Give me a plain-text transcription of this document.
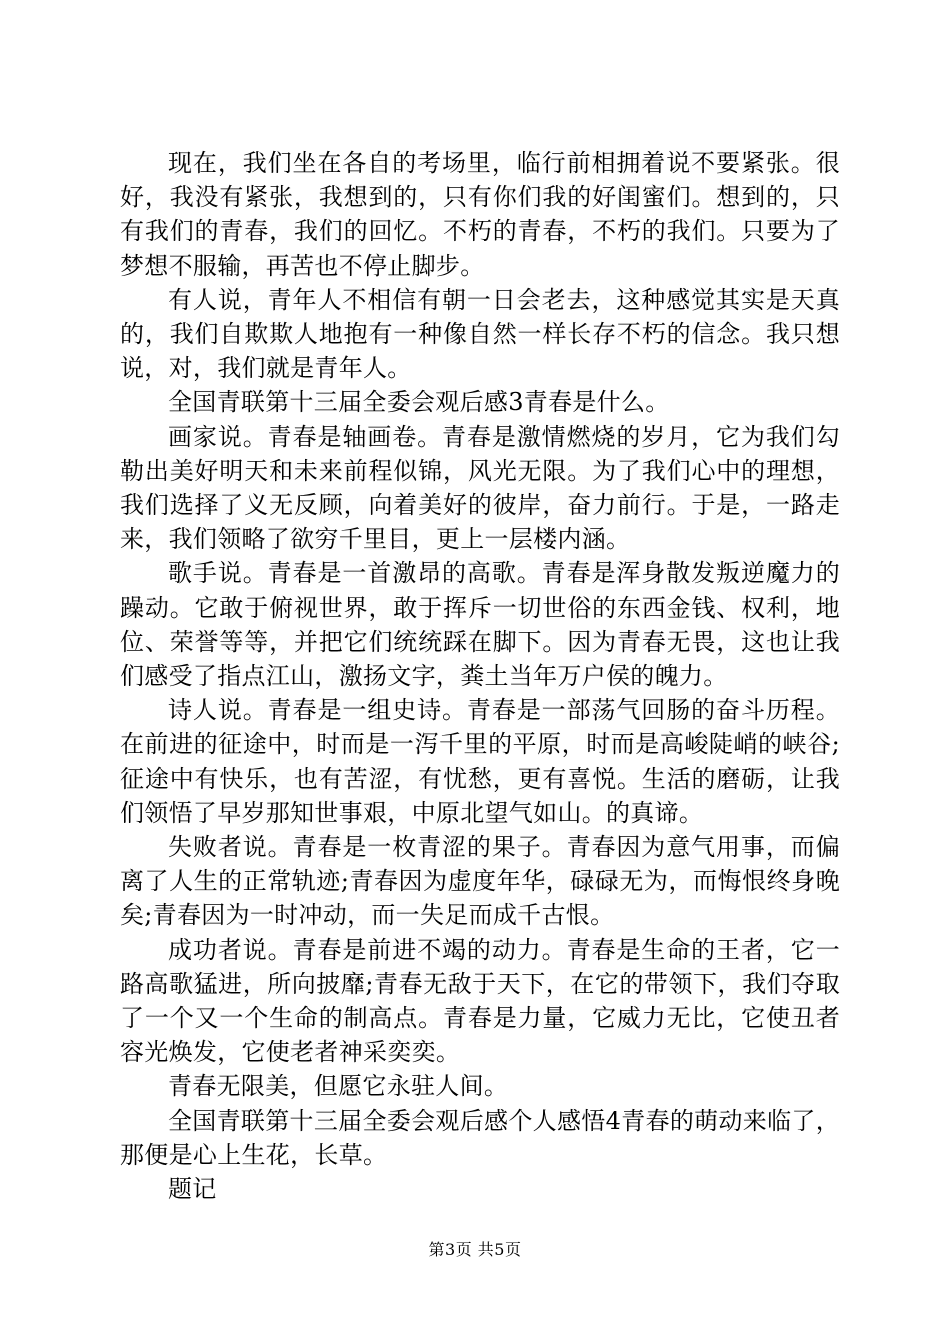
现在，我们坐在各自的考场里，临行前相拥着说不要紧张。很好，我没有紧张，我想到的，只有你们我的好闺蜜们。想到的，只有我们的青春，我们的回忆。不朽的青春，不朽的我们。只要为了梦想不服输，再苦也不停止脚步。

有人说，青年人不相信有朝一日会老去，这种感觉其实是天真的，我们自欺欺人地抱有一种像自然一样长存不朽的信念。我只想说，对，我们就是青年人。

全国青联第十三届全委会观后感3青春是什么。

画家说。青春是轴画卷。青春是激情燃烧的岁月，它为我们勾勒出美好明天和未来前程似锦，风光无限。为了我们心中的理想，我们选择了义无反顾，向着美好的彼岸，奋力前行。于是，一路走来，我们领略了欲穷千里目，更上一层楼内涵。

歌手说。青春是一首激昂的高歌。青春是浑身散发叛逆魔力的躁动。它敢于俯视世界，敢于挥斥一切世俗的东西金钱、权利，地位、荣誉等等，并把它们统统踩在脚下。因为青春无畏，这也让我们感受了指点江山，激扬文字，粪土当年万户侯的魄力。

诗人说。青春是一组史诗。青春是一部荡气回肠的奋斗历程。在前进的征途中，时而是一泻千里的平原，时而是高峻陡峭的峡谷;征途中有快乐，也有苦涩，有忧愁，更有喜悦。生活的磨砺，让我们领悟了早岁那知世事艰，中原北望气如山。的真谛。

失败者说。青春是一枚青涩的果子。青春因为意气用事，而偏离了人生的正常轨迹;青春因为虚度年华，碌碌无为，而悔恨终身晚矣;青春因为一时冲动，而一失足而成千古恨。

成功者说。青春是前进不竭的动力。青春是生命的王者，它一路高歌猛进，所向披靡;青春无敌于天下，在它的带领下，我们夺取了一个又一个生命的制高点。青春是力量，它威力无比，它使丑者容光焕发，它使老者神采奕奕。

青春无限美，但愿它永驻人间。

全国青联第十三届全委会观后感个人感悟4青春的萌动来临了，那便是心上生花，长草。

题记

第3页 共5页
